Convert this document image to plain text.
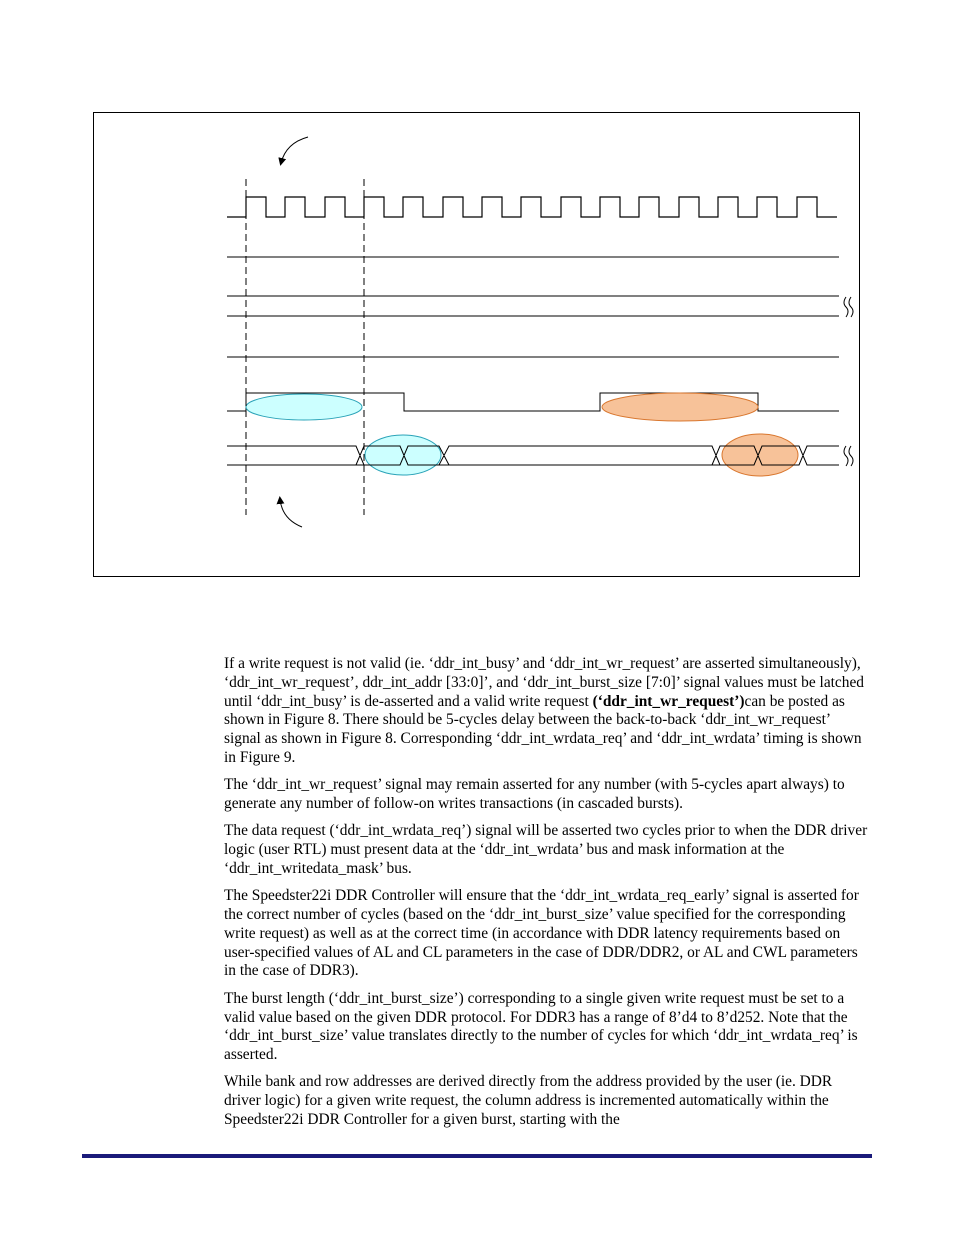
If a write request is not valid (ie. ‘ddr_int_busy’ and ‘ddr_int_wr_request’ are asserted simultaneously), ‘ddr_int_wr_request’, ddr_int_addr [33:0]’, and ‘ddr_int_burst_size [7:0]’ signal values must be latched until ‘ddr_int_busy’ is de-asserted and a valid write request (‘ddr_int_wr_request’)can be posted as shown in Figure 8. There should be 5-cycles delay between the back-to-back ‘ddr_int_wr_request’ signal as shown in Figure 8. Corresponding ‘ddr_int_wrdata_req’ and ‘ddr_int_wrdata’ timing is shown in Figure 9.

The ‘ddr_int_wr_request’ signal may remain asserted for any number (with 5-cycles apart always) to generate any number of follow-on writes transactions (in cascaded bursts).

The data request (‘ddr_int_wrdata_req’) signal will be asserted two cycles prior to when the DDR driver logic (user RTL) must present data at the ‘ddr_int_wrdata’ bus and mask information at the ‘ddr_int_writedata_mask’ bus.

The Speedster22i DDR Controller will ensure that the ‘ddr_int_wrdata_req_early’ signal is asserted for the correct number of cycles (based on the ‘ddr_int_burst_size’ value specified for the corresponding write request) as well as at the correct time (in accordance with DDR latency requirements based on user-specified values of AL and CL parameters in the case of DDR/DDR2, or AL and CWL parameters in the case of DDR3).

The burst length (‘ddr_int_burst_size’) corresponding to a single given write request must be set to a valid value based on the given DDR protocol. For DDR3 has a range of 8’d4 to 8’d252. Note that the ‘ddr_int_burst_size’ value translates directly to the number of cycles for which ‘ddr_int_wrdata_req’ is asserted.

While bank and row addresses are derived directly from the address provided by the user (ie. DDR driver logic) for a given write request, the column address is incremented automatically within the Speedster22i DDR Controller for a given burst, starting with the
